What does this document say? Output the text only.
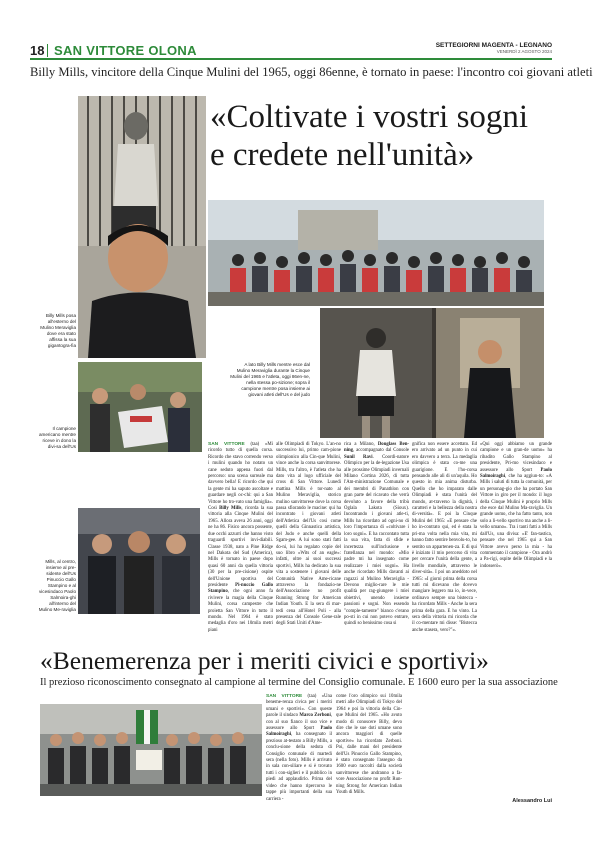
18 SAN VITTORE OLONA	SETTEGIORNI MAGENTA - LEGNANO
VENERDÌ 2 AGOSTO 2024
Billy Mills, vincitore della Cinque Mulini del 1965, oggi 86enne, è tornato in paese: l'incontro coi giovani atleti
«Coltivate i vostri sogni
e credete nell'unità»
Billy Mills posa all'esterno del Mulino Meraviglia dove era stato affissa la sua gigantogra-fia
Il campione americano mentre riceve in dono la divi-sa dell'Us
Mills, al centro, insieme al pre-sidente dell'Us Pinuccio Gallo Stampino e al vicesindaco Paolo Salmoira-ghi all'interno del Mulino Me-raviglia
A lato Billy Mills mentre esce dal Mulino Meraviglia durante la Cinque Mulini del 1965 e l'atleta, oggi 86en-ne, nella stessa po-sizione; sopra il campione mentre posa insieme ai giovani atleti dell'Us e del judo
SAN VITTORE (taa) «Mi ricordo tutto di quella corsa. Ricordo che stavo correndo verso i mulini quando ho notato un cane seduto appena fuori dal percorso: una scena surreale ma davvero bella! E ricordo che qui la gente mi ha saputo ascoltare e guardare negli oc-chi: qui a San Vittore ho tro-vato una famiglia». Così Billy Mills, ricorda la sua vittoria alla Cinque Mulini del 1965. Allora aveva 26 anni, oggi ne ha 86. Fisico ancora possente, due occhi azzurri che hanno visto traguardi sportivi invi-diabili. Classe 1938, nato a Pine Ridge nel Dakota del Sud (America), Mills è tornato in paese dopo quasi 60 anni da quella vittoria (30 per la pre-cisione) ospite dell'Unione sportiva del presidente Pi-nuccio Gallo Stampino, che ogni anno fa rivivere la magia della Cinque Mulini, corsa campestre che proietta San Vittore in tutto il mondo. Nel 1964 è stato medaglia d'oro nei 10mila metri piani
alle Olimpiadi di Tokyo. L'an-no successivo lui, primo cam-pione olimpionico alla Cin-que Mulini, vince anche la corsa sanvittorese. Mills, tra l'altro, è l'atleta che ha dato vita al logo ufficiale del cross di San Vittore. Lunedì mattina Mills è tor-nato al Mulino Meraviglia, storico mulino sanvittorese dove la corsa passa sfiorando le macine: qui ha incontrato i giovani atleti dell'Atletica dell'Us così come quelli della Ginnastica artistica, del Judo e anche quelli della Sgam-gee. A lui sono stati fatti do-ni, lui ha regalato copie del suo libro «Wits of an eagle»: infatti, oltre ai suoi successi sportivi, Mills ha dedicato la sua vita a sostenere i giovani delle Comunità Native Ame-ricane attraverso la fondazio-ne dell'Associazione no profit Running Strong for American Indian Youth. E la sera di mar-tedì cena all'Hotel Poli - alla presenza del Console Gene-rale degli Stati Uniti d'Ame-
rica a Milano, Douglass Ben-ning, accompagnato dal Console Sunil Ravi. Coordi-natore Olimpico per la de-legazione Usa alle prossime Olimpiadi invernali Milano Cortina 2026, di tutta l'Am-ministrazione Comunale e dei membri di Panathlon con gran parte del ricavato che verrà devoluto a favore della tribù Oglala Lakota (Sioux). Incontrando i giovani atle-ti, Mills ha ricordato ad ogni-no di loro l'importanza di «coltivare i loro sogni». E ha raccontato tutta la sua vita, fatta di sfide e incertezza sull'inclusione e fratellanza nel mondo: «Mio padre mi ha insegnato come realizzare i miei sogni». Ha anche ricordato Mills davanti ai ragazzi al Mulino Meraviglia - Devono miglio-rare le mie qualità per rag-giungere i miei obiettivi, unendo insieme passioni e sogni. Non essendo "comple-tamente" bianco c'erano po-sti in cui non potevo entrare, quindi so benissimo cosa si
gnifica non essere accettato. Ed ero arrivato ad un punto in cui ero davvero a terra. La medaglia olimpica è stata co-me una guarigione. E l'ho-corsa pensando alle ali di un'aquila. Ho questo in mia anima disturba. Quello che ho imparato dalle Olimpiadi è stata l'unità del mondo, at-traverso la dignità, i caratteri e la bellezza della nostra di-versità». E poi la Cinque Mulini del 1965: «E pensare che ho in-contrato qui, ed è stata la pri-ma volta nella mia vita, mi hanno fatto sentire benvolu-to, ho sentito un appartenen-za. E di qui è iniziato il mio percorso di vita per cercare l'unità della gente, a livello mondiale, attraverso le diver-sità». I poi un aneddoto nel 1965: «I giorni prima della corsa tutti mi dicevano che dovevo mangiare leggero ma io, in-vece, ordinavo sempre una bistecca - ha ricordato Mills - Anche la sera prima della gara. E ho vinto. La sera della vittoria mi ricorda che il co-mentare mi disse: "Bistecca anche stasera, vero?"».
«Qui oggi abbiamo un grande campione e un gran-de uomo» ha ribadito Gallo Stampino al presidente, Pri-mo vicesindaco e assessore allo Sport Paolo Salmoiraghi, che ha aggiun-to: «A Mills i saluti di tutta la comunità, per un personag-gio che ha portato San Vittore in giro per il mondo: il logo della Cinque Mulini è proprio Mills che esce dal Mulino Ma-raviglia. Un grande uomo, che ha fatto tanto, non solo a li-vello sportivo ma anche a li-vello umano». Tra i tanti fatti a Mills dall'Us, una divisa: «E' fan-tastica, pensare che nel 1965 qui a San Vittore avevo perso la mia - ha commentato il campione - Ora andrò a Pa-rigi, ospite delle Olimpiadi e la indosserò».
«Benemerenza per i meriti civici e sportivi»
Il prezioso riconoscimento consegnato al campione al termine del Consiglio comunale. E 1600 euro per la sua associazione
SAN VITTORE (taa) «Una beneme-renza civica per i meriti umani e sportivi». Con queste parole il sindaco Marco Zerboni, con al suo fianco il suo vice e assessore allo Sport Paolo Salmoiraghi, ha consegnato il prezioso at-testato a Billy Mills, a conclu-sione della seduta di Consiglio comunale di martedì sera (nella foto). Mills è arrivato in sala con-siliare e si è trovato tutti i con-siglieri e il pubblico in piedi ad applaudirlo. Prima del video che hanno ripercorso le tappe più importanti della sua carriera -
come l'oro olimpico sui 10mila metri alle Olimpiadi di Tokyo del 1964 e poi la vittoria della Cin-que Mulini del 1965. «Ho avuto modo di conoscere Billy, devo dire che le sue doti umane sono ancora maggiori di quelle sportive» ha ricordato Zerboni. Poi, dalle mani del presidente dell'Us Pinuccio Gallo Stampino, è stato consegnato l'assegno da 1600 euro raccolti dalla società sanvittorese che andranno a fa-vore Associazione no profit Run-ning Strong for American Indian Youth di Mills.
Alessandro Lui
